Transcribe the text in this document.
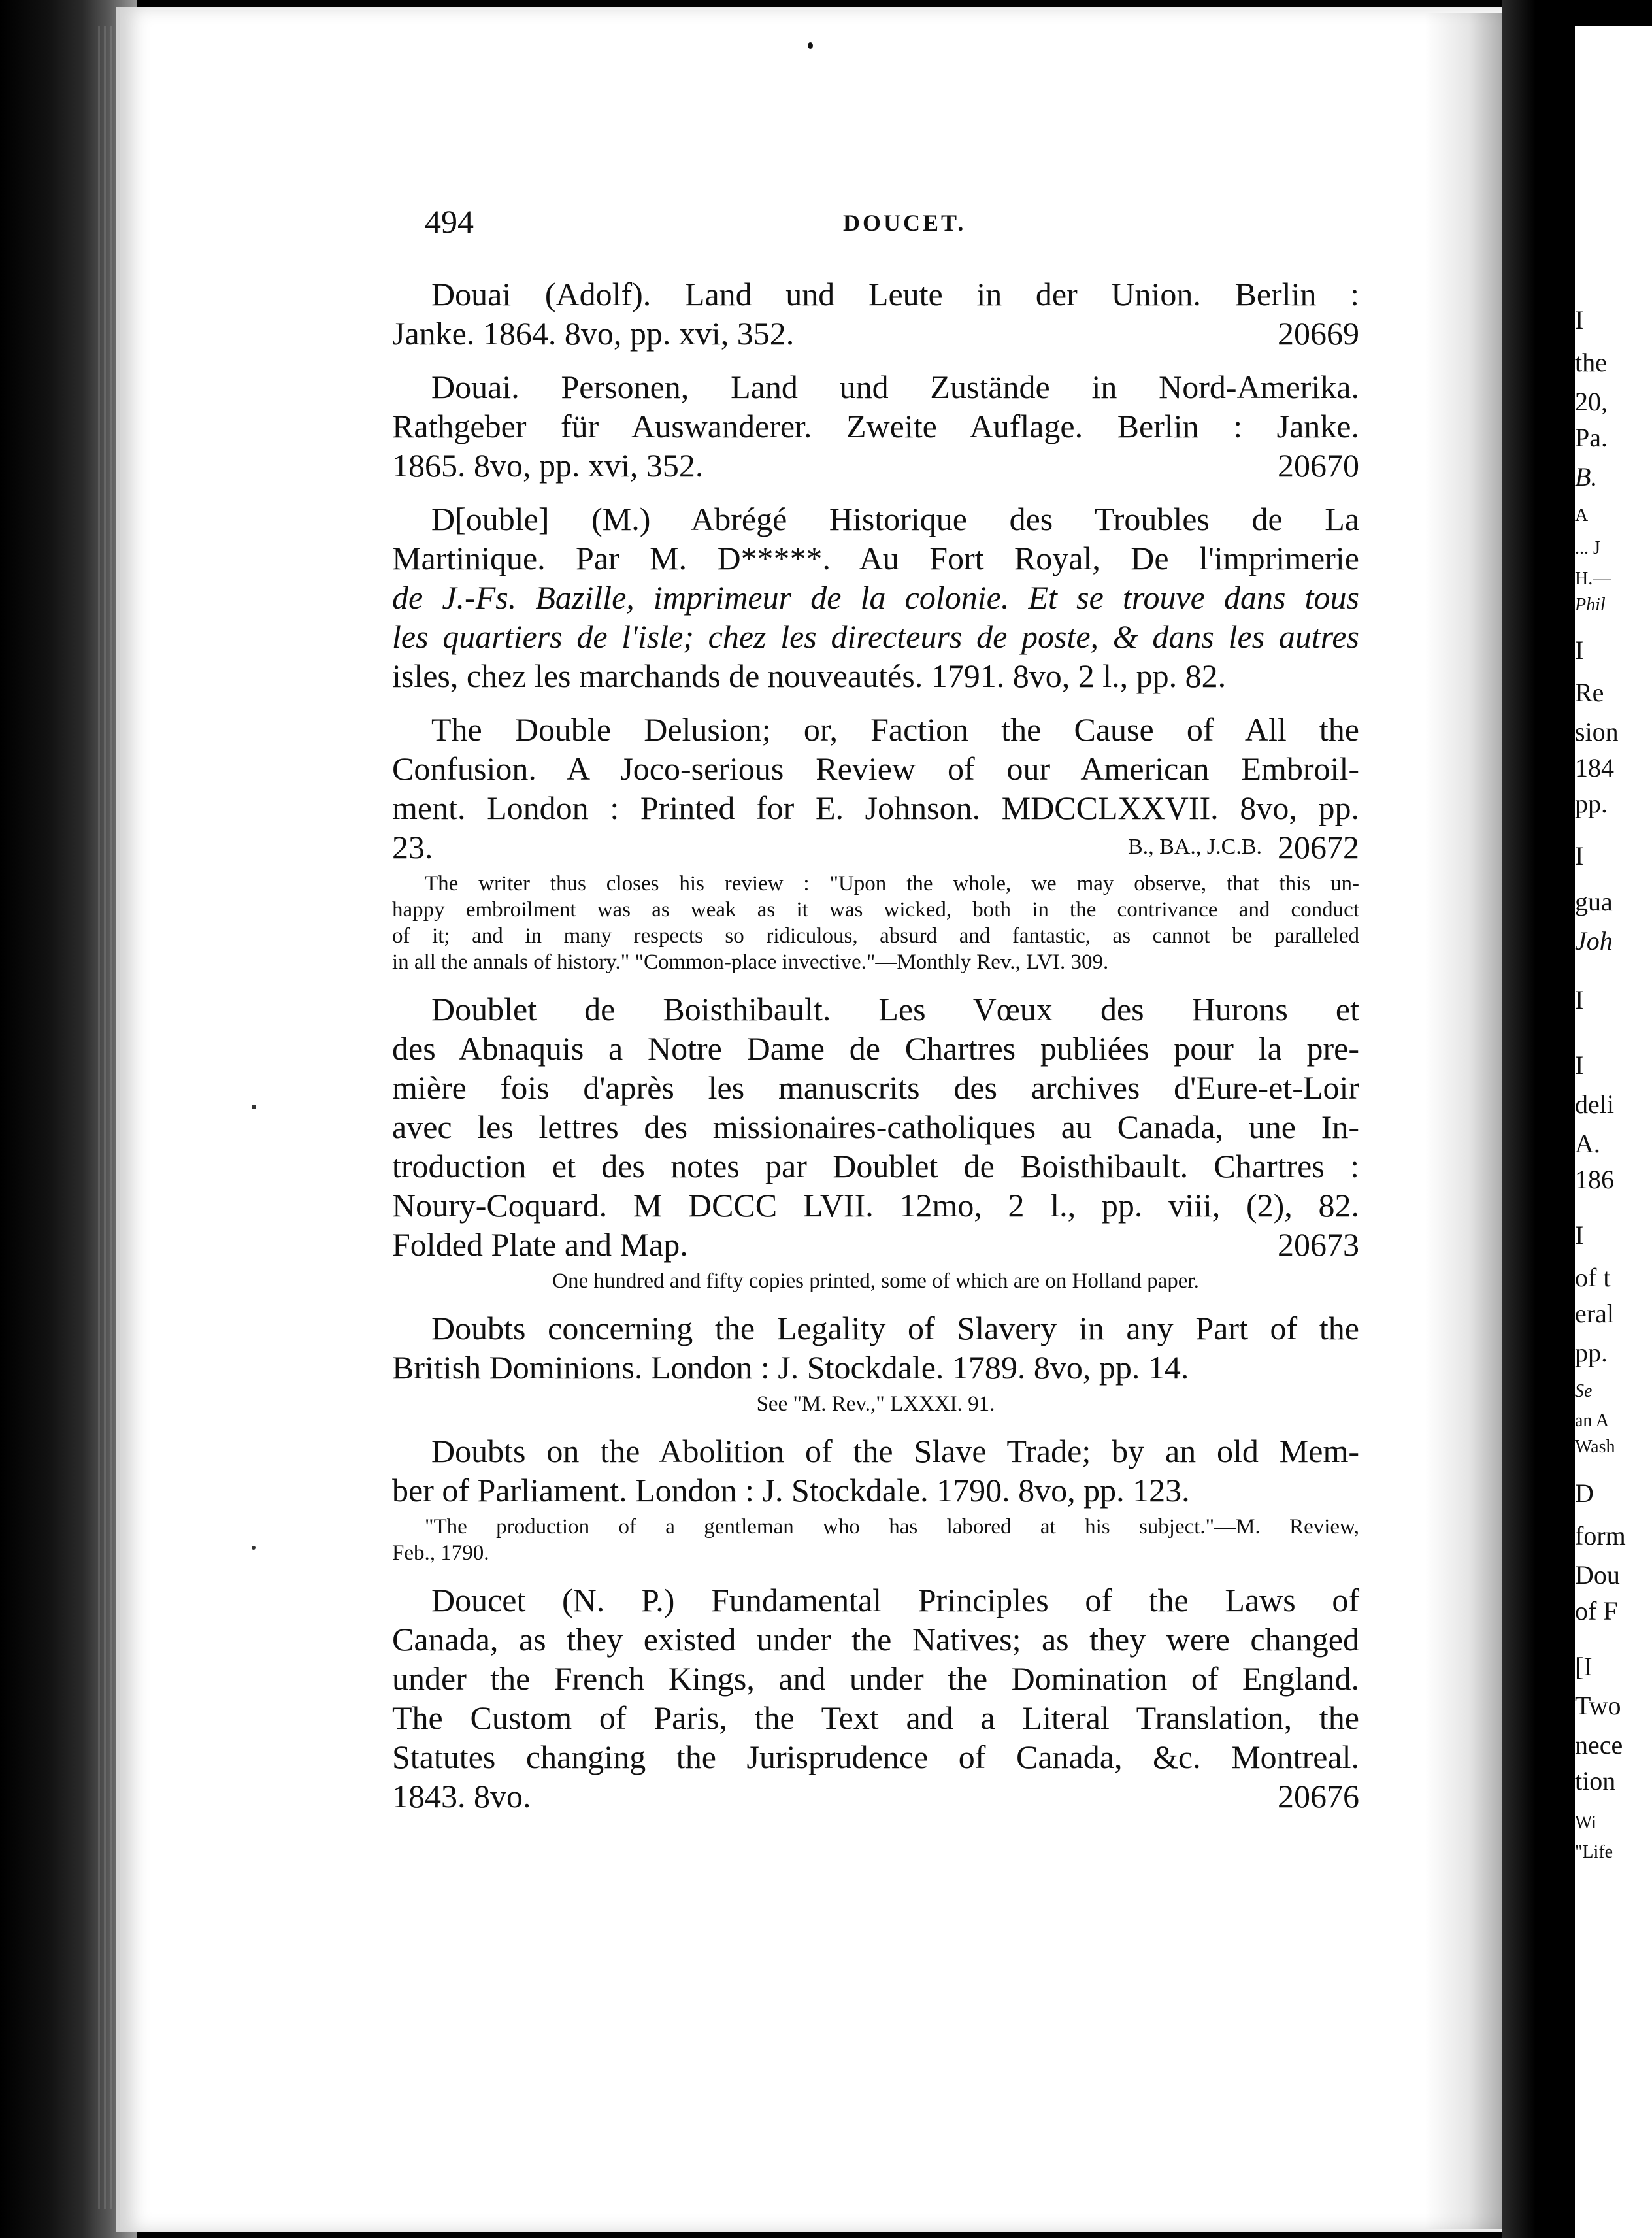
I
the
20,
Pa.
B.
A
... J
H.—
Phil
I
Re
sion
184
pp.
I
gua
Joh
I
I
deli
A.
186
I
of t
eral
pp.
Se
an A
Wash
D
form
Dou
of F
[I
Two
nece
tion
Wi
"Life
494	DOUCET.
Douai (Adolf). Land und Leute in der Union. Berlin :
Janke. 1864. 8vo, pp. xvi, 352.	20669
Douai. Personen, Land und Zustände in Nord-Amerika.
Rathgeber für Auswanderer. Zweite Auflage. Berlin : Janke.
1865. 8vo, pp. xvi, 352.	20670
D[ouble] (M.) Abrégé Historique des Troubles de La
Martinique. Par M. D*****. Au Fort Royal, De l'imprimerie
de J.-Fs. Bazille, imprimeur de la colonie. Et se trouve dans tous
les quartiers de l'isle; chez les directeurs de poste, & dans les autres
isles, chez les marchands de nouveautés. 1791. 8vo, 2 l., pp. 82.
The Double Delusion; or, Faction the Cause of All the
Confusion. A Joco-serious Review of our American Embroil-
ment. London : Printed for E. Johnson. MDCCLXXVII. 8vo, pp.
23.	20672
B., BA., J.C.B.
The writer thus closes his review : "Upon the whole, we may observe, that this un-
happy embroilment was as weak as it was wicked, both in the contrivance and conduct
of it; and in many respects so ridiculous, absurd and fantastic, as cannot be paralleled
in all the annals of history." "Common-place invective."—Monthly Rev., LVI. 309.
Doublet de Boisthibault. Les Vœux des Hurons et
des Abnaquis a Notre Dame de Chartres publiées pour la pre-
mière fois d'après les manuscrits des archives d'Eure-et-Loir
avec les lettres des missionaires-catholiques au Canada, une In-
troduction et des notes par Doublet de Boisthibault. Chartres :
Noury-Coquard. M DCCC LVII. 12mo, 2 l., pp. viii, (2), 82.
Folded Plate and Map.	20673
One hundred and fifty copies printed, some of which are on Holland paper.
Doubts concerning the Legality of Slavery in any Part of the
British Dominions. London : J. Stockdale. 1789. 8vo, pp. 14.
See "M. Rev.," LXXXI. 91.
Doubts on the Abolition of the Slave Trade; by an old Mem-
ber of Parliament. London : J. Stockdale. 1790. 8vo, pp. 123.
"The production of a gentleman who has labored at his subject."—M. Review,
Feb., 1790.
Doucet (N. P.) Fundamental Principles of the Laws of
Canada, as they existed under the Natives; as they were changed
under the French Kings, and under the Domination of England.
The Custom of Paris, the Text and a Literal Translation, the
Statutes changing the Jurisprudence of Canada, &c. Montreal.
1843. 8vo.	20676
